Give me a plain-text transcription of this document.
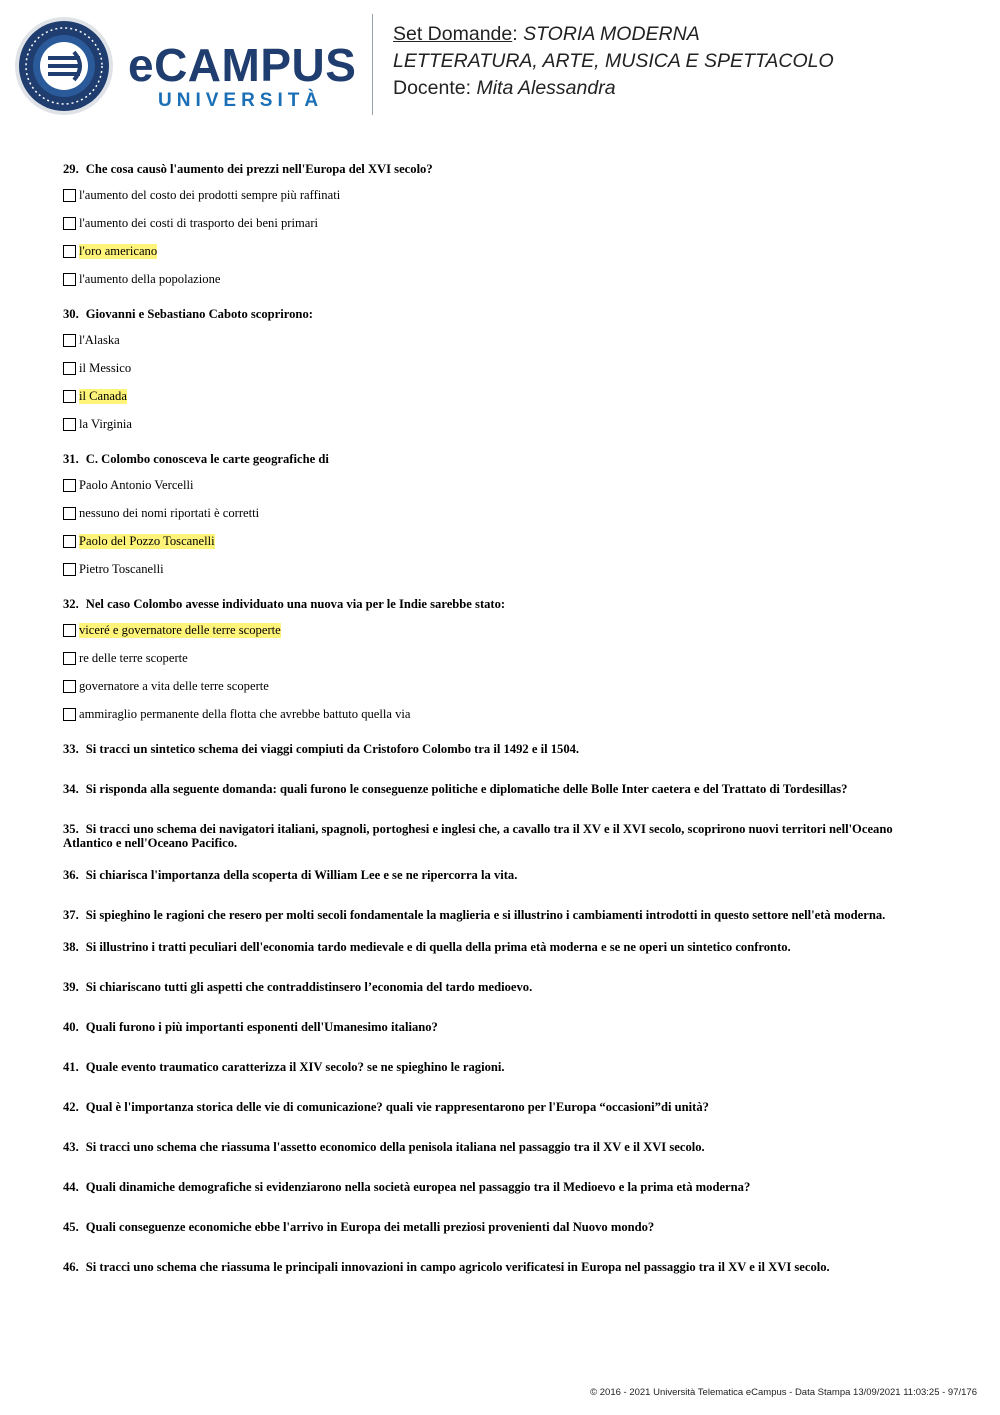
eCAMPUS
UNIVERSITÀ
Set Domande: STORIA MODERNA
LETTERATURA, ARTE, MUSICA E SPETTACOLO
Docente: Mita Alessandra
29. Che cosa causò l'aumento dei prezzi nell'Europa del XVI secolo?
l'aumento del costo dei prodotti sempre più raffinati
l'aumento dei costi di trasporto dei beni primari
l'oro americano
l'aumento della popolazione
30. Giovanni e Sebastiano Caboto scoprirono:
l'Alaska
il Messico
il Canada
la Virginia
31. C. Colombo conosceva le carte geografiche di
Paolo Antonio Vercelli
nessuno dei nomi riportati è corretti
Paolo del Pozzo Toscanelli
Pietro Toscanelli
32. Nel caso Colombo avesse individuato una nuova via per le Indie sarebbe stato:
viceré e governatore delle terre scoperte
re delle terre scoperte
governatore a vita delle terre scoperte
ammiraglio permanente della flotta che avrebbe battuto quella via
33. Si tracci un sintetico schema dei viaggi compiuti da Cristoforo Colombo tra il 1492 e il 1504.
34. Si risponda alla seguente domanda: quali furono le conseguenze politiche e diplomatiche delle Bolle Inter caetera e del Trattato di Tordesillas?
35. Si tracci uno schema dei navigatori italiani, spagnoli, portoghesi e inglesi che, a cavallo tra il XV e il XVI secolo, scoprirono nuovi territori nell'Oceano Atlantico e nell'Oceano Pacifico.
36. Si chiarisca l'importanza della scoperta di William Lee e se ne ripercorra la vita.
37. Si spieghino le ragioni che resero per molti secoli fondamentale la maglieria e si illustrino i cambiamenti introdotti in questo settore nell'età moderna.
38. Si illustrino i tratti peculiari dell'economia tardo medievale e di quella della prima età moderna e se ne operi un sintetico confronto.
39. Si chiariscano tutti gli aspetti che contraddistinsero l’economia del tardo medioevo.
40. Quali furono i più importanti esponenti dell'Umanesimo italiano?
41. Quale evento traumatico caratterizza il XIV secolo? se ne spieghino le ragioni.
42. Qual è l'importanza storica delle vie di comunicazione? quali vie rappresentarono per l'Europa “occasioni”di unità?
43. Si tracci uno schema che riassuma l'assetto economico della penisola italiana nel passaggio tra il XV e il XVI secolo.
44. Quali dinamiche demografiche si evidenziarono nella società europea nel passaggio tra il Medioevo e la prima età moderna?
45. Quali conseguenze economiche ebbe l'arrivo in Europa dei metalli preziosi provenienti dal Nuovo mondo?
46. Si tracci uno schema che riassuma le principali innovazioni in campo agricolo verificatesi in Europa nel passaggio tra il XV e il XVI secolo.
© 2016 - 2021 Università Telematica eCampus - Data Stampa 13/09/2021 11:03:25 - 97/176
